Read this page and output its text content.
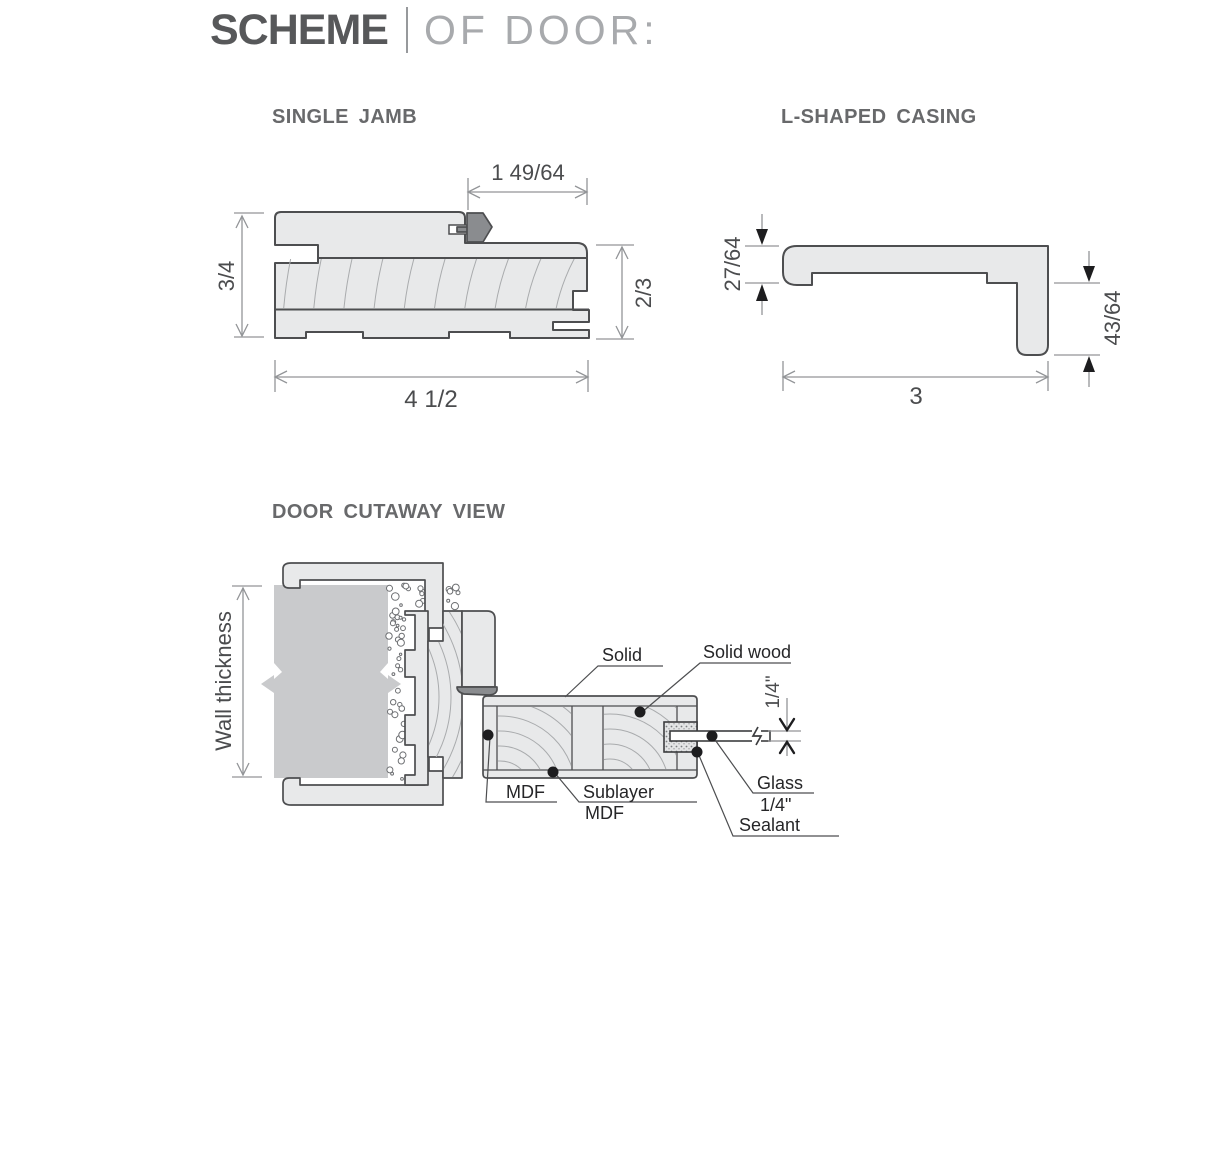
SCHEME OF DOOR:
SINGLE JAMB	L-SHAPED CASING
DOOR CUTAWAY VIEW
3/4
2/3
1 49/64
4 1/2
27/64
43/64
3
1/4"
Wall thickness	Solid	Solid wood
MDF Sublayer
MDF
Glass
1/4"
Sealant
